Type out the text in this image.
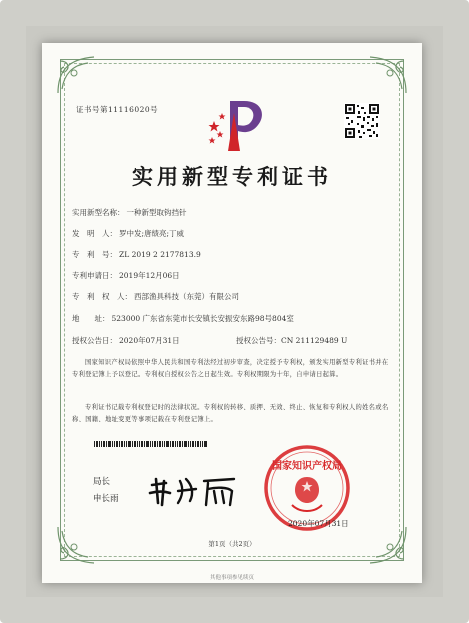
证书号第11116020号
实用新型专利证书
实用新型名称： 一种新型取钩挡针
发　明　人： 罗中发;唐绩亮;丁威
专　利　号： ZL 2019 2 2177813.9
专利申请日： 2019年12月06日
专　利　权　人： 西部渔具科技（东莞）有限公司
地　　址： 523000 广东省东莞市长安镇长安振安东路98号804室
授权公告日： 2020年07月31日	授权公告号：CN 211129489 U
国家知识产权局依照中华人民共和国专利法经过初步审查，决定授予专利权，颁发实用新型专利证书并在专利登记簿上予以登记。专利权自授权公告之日起生效。专利权期限为十年，自申请日起算。
专利证书记载专利权登记时的法律状况。专利权的转移、质押、无效、终止、恢复和专利权人的姓名或名称、国籍、地址变更等事项记载在专利登记簿上。
局长
申长雨
国家知识产权局
2020年07月31日
第1页（共2页）
其他事项参见续页
